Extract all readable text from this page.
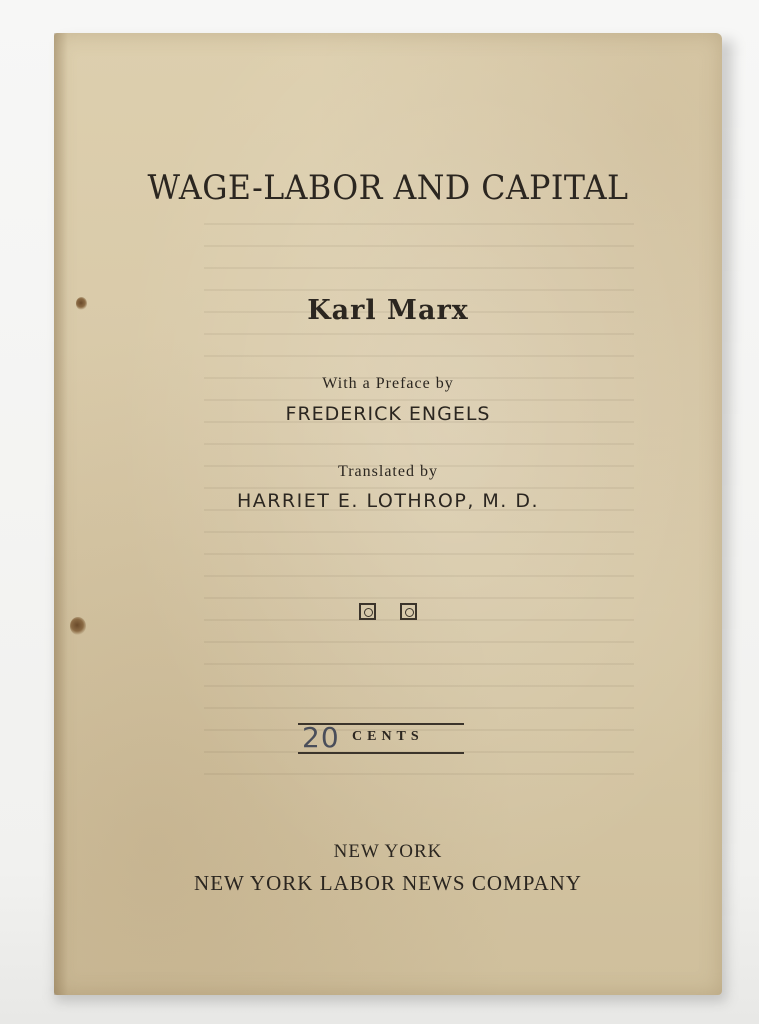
WAGE-LABOR AND CAPITAL
Karl Marx
With a Preface by
FREDERICK ENGELS
Translated by
HARRIET E. LOTHROP, M. D.

20 CENTS
NEW YORK
NEW YORK LABOR NEWS COMPANY
